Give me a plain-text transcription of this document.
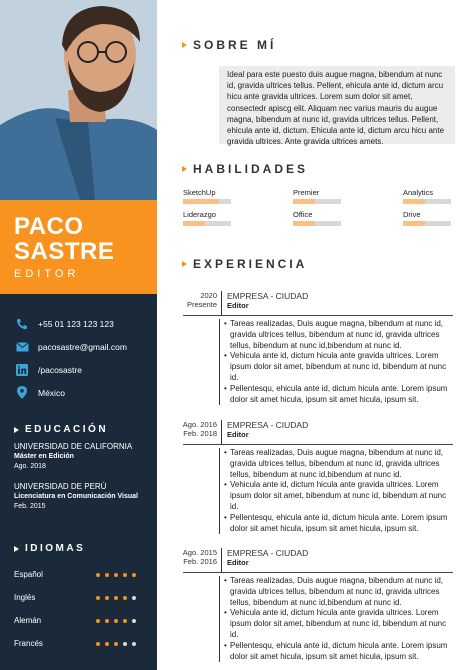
PACO
SASTRE
EDITOR
+55 01 123 123 123
pacosastre@gmail.com
/pacosastre
México
EDUCACIÓN
UNIVERSIDAD DE CALIFORNIA
Máster en Edición
Ago. 2018
UNIVERSIDAD DE PERÚ
Licenciatura en Comunicación Visual
Feb. 2015
IDIOMAS
Español
Inglés
Alemán
Francés
SOBRE MÍ
Ideal para este puesto duis augue magna, bibendum at nunc id, gravida ultrices tellus. Pellent, ehicula ante id, dictum arcu hicu ante gravida ultrices. Lorem sum dolor sit amet, consectedr apiscg elit. Aliquam nec varius mauris du augue magna, bibendum at nunc id, gravida ultrices tellus. Pellent, ehicula ante id, dictum. Ehicula ante id, dictum arcu hicu ante gravida ultrices. Ante gravida ultrices amets.
HABILIDADES
SketchUp	Premier	Analytics
Liderazgo	Office	Drive
EXPERIENCIA
2020
Presente
EMPRESA - CIUDAD
Editor
• Tareas realizadas, Duis augue magna, bibendum at nunc id, gravida ultrices tellus, bibendum at nunc id, gravida ultrices tellus, bibendum at nunc id,bibendum at nunc id.
• Vehicula ante id, dictum hicula ante gravida ultrices. Lorem ipsum dolor sit amet, bibendum at nunc id, bibendum at nunc id.
• Pellentesqu, ehicula ante id, dictum hicula ante. Lorem ipsum dolor sit amet hicula, ipsum sit amet hicula, ipsum sit.
Ago. 2016
Feb. 2018
EMPRESA - CIUDAD
Editor
• Tareas realizadas, Duis augue magna, bibendum at nunc id, gravida ultrices tellus, bibendum at nunc id, gravida ultrices tellus, bibendum at nunc id,bibendum at nunc id.
• Vehicula ante id, dictum hicula ante gravida ultrices. Lorem ipsum dolor sit amet, bibendum at nunc id, bibendum at nunc id.
• Pellentesqu, ehicula ante id, dictum hicula ante. Lorem ipsum dolor sit amet hicula, ipsum sit amet hicula, ipsum sit.
Ago. 2015
Feb. 2016
EMPRESA - CIUDAD
Editor
• Tareas realizadas, Duis augue magna, bibendum at nunc id, gravida ultrices tellus, bibendum at nunc id, gravida ultrices tellus, bibendum at nunc id,bibendum at nunc id.
• Vehicula ante id, dictum hicula ante gravida ultrices. Lorem ipsum dolor sit amet, bibendum at nunc id, bibendum at nunc id.
• Pellentesqu, ehicula ante id, dictum hicula ante. Lorem ipsum dolor sit amet hicula, ipsum sit amet hicula, ipsum sit.
